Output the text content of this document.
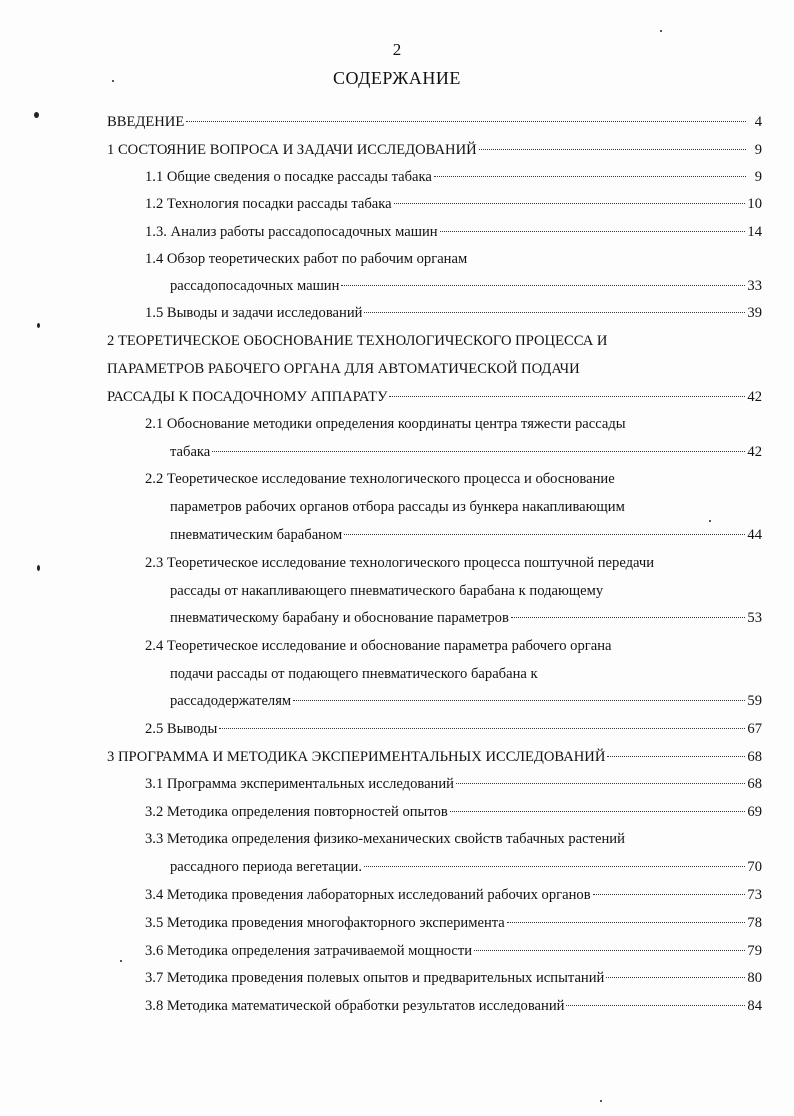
2
СОДЕРЖАНИЕ
ВВЕДЕНИЕ	4
1 СОСТОЯНИЕ ВОПРОСА И ЗАДАЧИ ИССЛЕДОВАНИЙ	9
1.1 Общие сведения о посадке рассады табака	9
1.2 Технология посадки рассады табака	10
1.3. Анализ работы рассадопосадочных машин	14
1.4 Обзор теоретических работ по рабочим органам
рассадопосадочных машин	33
1.5 Выводы и задачи исследований	39
2 ТЕОРЕТИЧЕСКОЕ ОБОСНОВАНИЕ ТЕХНОЛОГИЧЕСКОГО ПРОЦЕССА И
ПАРАМЕТРОВ РАБОЧЕГО ОРГАНА ДЛЯ АВТОМАТИЧЕСКОЙ ПОДАЧИ
РАССАДЫ К ПОСАДОЧНОМУ АППАРАТУ	42
2.1 Обоснование методики определения координаты центра тяжести рассады
табака	42
2.2 Теоретическое исследование технологического процесса и обоснование
параметров рабочих органов отбора рассады из бункера накапливающим
пневматическим барабаном	44
2.3 Теоретическое исследование технологического процесса поштучной передачи
рассады от накапливающего пневматического барабана к подающему
пневматическому барабану и обоснование параметров	53
2.4 Теоретическое исследование и обоснование параметра рабочего органа
подачи рассады от подающего пневматического барабана к
рассадодержателям	59
2.5 Выводы	67
3 ПРОГРАММА И МЕТОДИКА ЭКСПЕРИМЕНТАЛЬНЫХ ИССЛЕДОВАНИЙ	68
3.1 Программа экспериментальных исследований	68
3.2 Методика определения повторностей опытов	69
3.3 Методика определения физико-механических свойств табачных растений
рассадного периода вегетации.	70
3.4 Методика проведения лабораторных исследований рабочих органов	73
3.5 Методика проведения многофакторного эксперимента	78
3.6 Методика определения затрачиваемой мощности	79
3.7 Методика проведения полевых опытов и предварительных испытаний	80
3.8 Методика математической обработки результатов исследований	84
